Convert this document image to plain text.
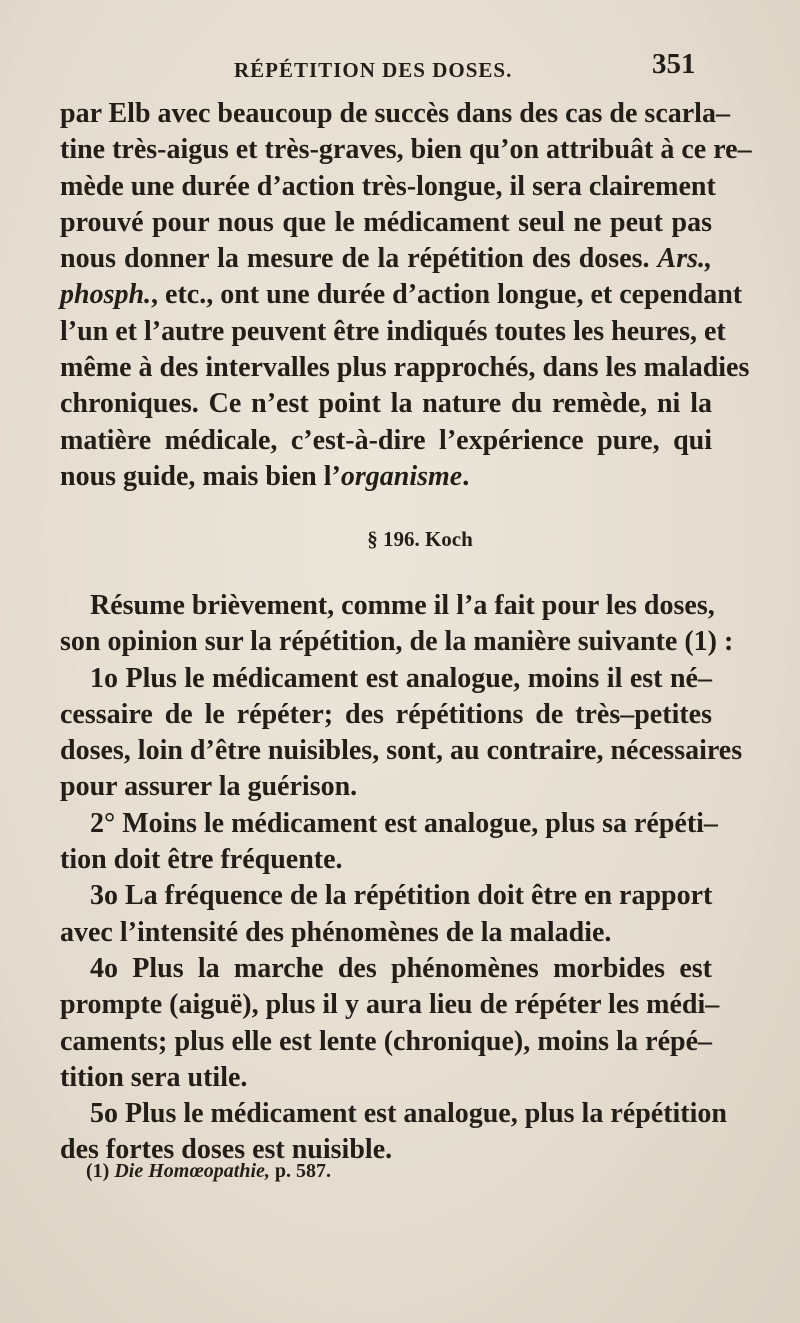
RÉPÉTITION DES DOSES.	351
par Elb avec beaucoup de succès dans des cas de scarla–
tine très-aigus et très-graves, bien qu’on attribuât à ce re–
mède une durée d’action très-longue, il sera clairement
prouvé pour nous que le médicament seul ne peut pas
nous donner la mesure de la répétition des doses. Ars.,
phosph., etc., ont une durée d’action longue, et cependant
l’un et l’autre peuvent être indiqués toutes les heures, et
même à des intervalles plus rapprochés, dans les maladies
chroniques. Ce n’est point la nature du remède, ni la
matière médicale, c’est-à-dire l’expérience pure, qui
nous guide, mais bien l’organisme.
§ 196. Koch
Résume brièvement, comme il l’a fait pour les doses,
son opinion sur la répétition, de la manière suivante (1) :
1o Plus le médicament est analogue, moins il est né–
cessaire de le répéter; des répétitions de très–petites
doses, loin d’être nuisibles, sont, au contraire, nécessaires
pour assurer la guérison.
2° Moins le médicament est analogue, plus sa répéti–
tion doit être fréquente.
3o La fréquence de la répétition doit être en rapport
avec l’intensité des phénomènes de la maladie.
4o Plus la marche des phénomènes morbides est
prompte (aiguë), plus il y aura lieu de répéter les médi–
caments; plus elle est lente (chronique), moins la répé–
tition sera utile.
5o Plus le médicament est analogue, plus la répétition
des fortes doses est nuisible.
(1) Die Homœopathie, p. 587.
